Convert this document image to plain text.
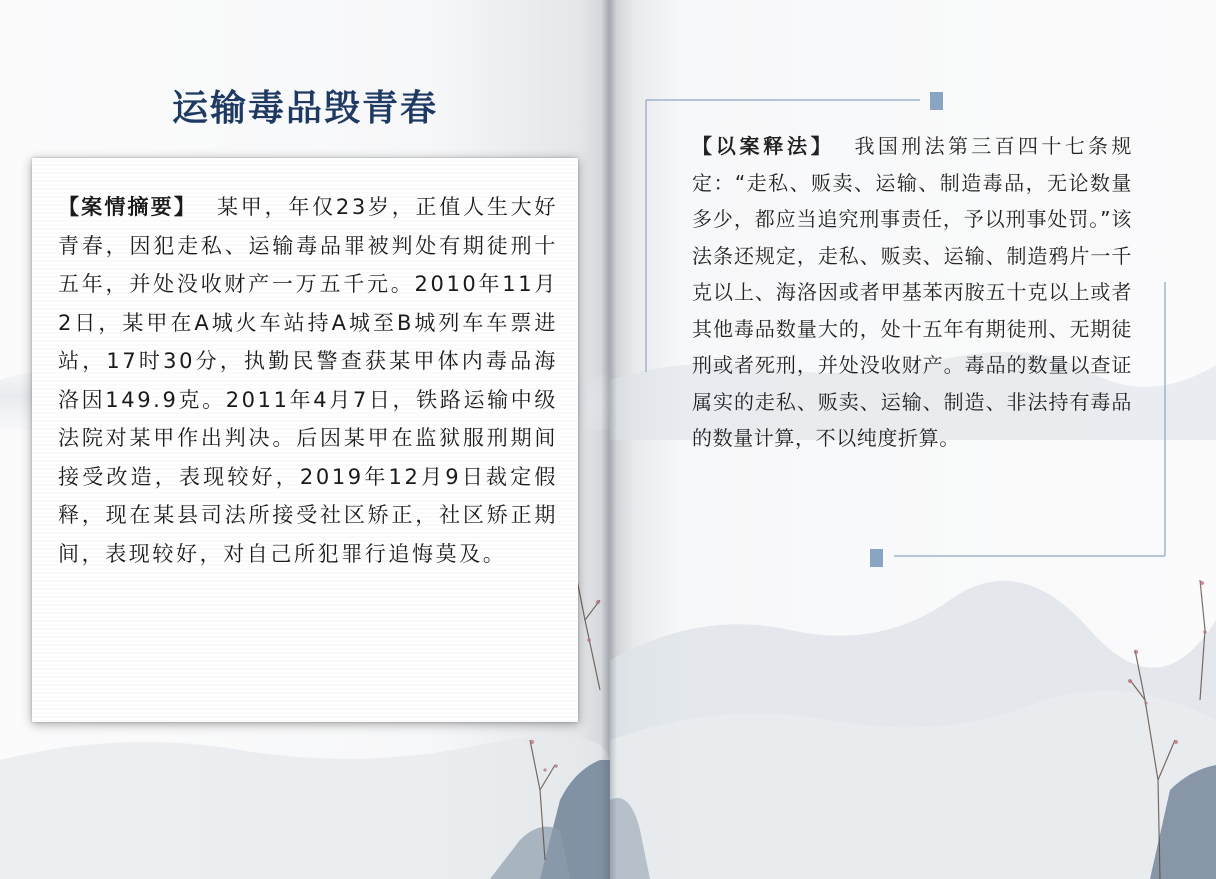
运输毒品毁青春
【案情摘要】 某甲，年仅23岁，正值人生大好青春，因犯走私、运输毒品罪被判处有期徒刑十五年，并处没收财产一万五千元。2010年11月2日，某甲在A城火车站持A城至B城列车车票进站，17时30分，执勤民警查获某甲体内毒品海洛因149.9克。2011年4月7日，铁路运输中级法院对某甲作出判决。后因某甲在监狱服刑期间接受改造，表现较好，2019年12月9日裁定假释，现在某县司法所接受社区矫正，社区矫正期间，表现较好，对自己所犯罪行追悔莫及。
【以案释法】 我国刑法第三百四十七条规定：“走私、贩卖、运输、制造毒品，无论数量多少，都应当追究刑事责任，予以刑事处罚。”该法条还规定，走私、贩卖、运输、制造鸦片一千克以上、海洛因或者甲基苯丙胺五十克以上或者其他毒品数量大的，处十五年有期徒刑、无期徒刑或者死刑，并处没收财产。毒品的数量以查证属实的走私、贩卖、运输、制造、非法持有毒品的数量计算，不以纯度折算。
